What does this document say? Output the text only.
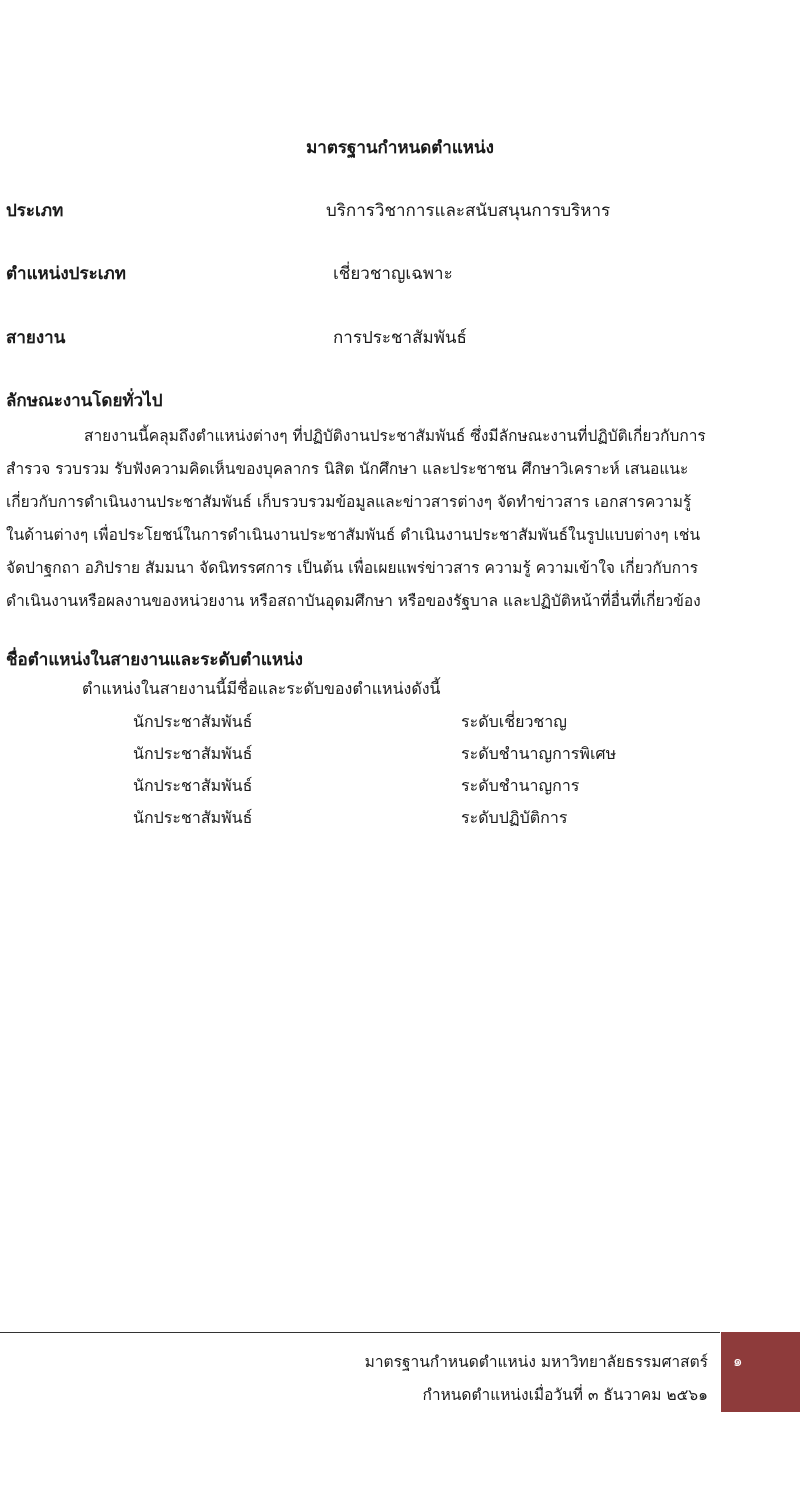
มาตรฐานกำหนดตำแหน่ง
ประเภท	บริการวิชาการและสนับสนุนการบริหาร
ตำแหน่งประเภท	เชี่ยวชาญเฉพาะ
สายงาน	การประชาสัมพันธ์
ลักษณะงานโดยทั่วไป
สายงานนี้คลุมถึงตำแหน่งต่างๆ ที่ปฏิบัติงานประชาสัมพันธ์ ซึ่งมีลักษณะงานที่ปฏิบัติเกี่ยวกับการ
สำรวจ รวบรวม รับฟังความคิดเห็นของบุคลากร นิสิต นักศึกษา และประชาชน ศึกษาวิเคราะห์ เสนอแนะ
เกี่ยวกับการดำเนินงานประชาสัมพันธ์ เก็บรวบรวมข้อมูลและข่าวสารต่างๆ จัดทำข่าวสาร เอกสารความรู้
ในด้านต่างๆ เพื่อประโยชน์ในการดำเนินงานประชาสัมพันธ์ ดำเนินงานประชาสัมพันธ์ในรูปแบบต่างๆ เช่น
จัดปาฐกถา อภิปราย สัมมนา จัดนิทรรศการ เป็นต้น เพื่อเผยแพร่ข่าวสาร ความรู้ ความเข้าใจ เกี่ยวกับการ
ดำเนินงานหรือผลงานของหน่วยงาน หรือสถาบันอุดมศึกษา หรือของรัฐบาล และปฏิบัติหน้าที่อื่นที่เกี่ยวข้อง
ชื่อตำแหน่งในสายงานและระดับตำแหน่ง
ตำแหน่งในสายงานนี้มีชื่อและระดับของตำแหน่งดังนี้
นักประชาสัมพันธ์	ระดับเชี่ยวชาญ
นักประชาสัมพันธ์	ระดับชำนาญการพิเศษ
นักประชาสัมพันธ์	ระดับชำนาญการ
นักประชาสัมพันธ์	ระดับปฏิบัติการ
มาตรฐานกำหนดตำแหน่ง มหาวิทยาลัยธรรมศาสตร์
กำหนดตำแหน่งเมื่อวันที่ ๓ ธันวาคม ๒๕๖๑
๑
